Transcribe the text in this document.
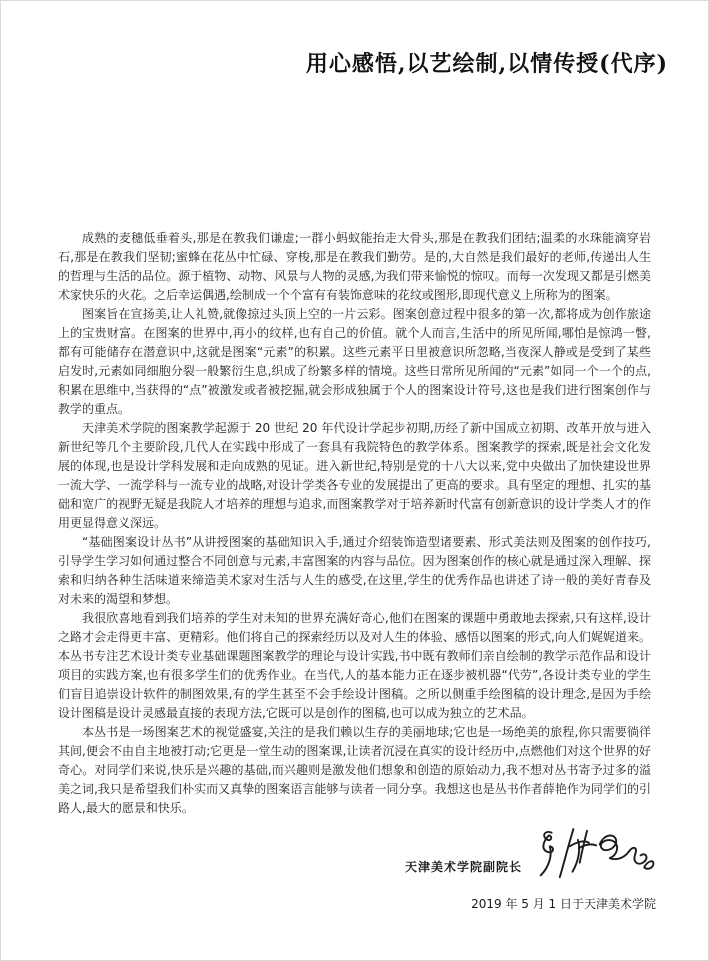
用心感悟,以艺绘制,以情传授(代序)

成熟的麦穗低垂着头,那是在教我们谦虚;一群小蚂蚁能抬走大骨头,那是在教我们团结;温柔的水珠能滴穿岩石,那是在教我们坚韧;蜜蜂在花丛中忙碌、穿梭,那是在教我们勤劳。是的,大自然是我们最好的老师,传递出人生的哲理与生活的品位。源于植物、动物、风景与人物的灵感,为我们带来愉悦的惊叹。而每一次发现又都是引燃美术家快乐的火花。之后幸运偶遇,绘制成一个个富有有装饰意味的花纹或图形,即现代意义上所称为的图案。

图案旨在宣扬美,让人礼赞,就像掠过头顶上空的一片云彩。图案创意过程中很多的第一次,都将成为创作旅途上的宝贵财富。在图案的世界中,再小的纹样,也有自己的价值。就个人而言,生活中的所见所闻,哪怕是惊鸿一瞥,都有可能储存在潜意识中,这就是图案“元素”的积累。这些元素平日里被意识所忽略,当夜深人静或是受到了某些启发时,元素如同细胞分裂一般繁衍生息,织成了纷繁多样的情境。这些日常所见所闻的“元素”如同一个一个的点,积累在思维中,当获得的“点”被激发或者被挖掘,就会形成独属于个人的图案设计符号,这也是我们进行图案创作与教学的重点。

天津美术学院的图案教学起源于 20 世纪 20 年代设计学起步初期,历经了新中国成立初期、改革开放与进入新世纪等几个主要阶段,几代人在实践中形成了一套具有我院特色的教学体系。图案教学的探索,既是社会文化发展的体现,也是设计学科发展和走向成熟的见证。进入新世纪,特别是党的十八大以来,党中央做出了加快建设世界一流大学、一流学科与一流专业的战略,对设计学类各专业的发展提出了更高的要求。具有坚定的理想、扎实的基础和宽广的视野无疑是我院人才培养的理想与追求,而图案教学对于培养新时代富有创新意识的设计学类人才的作用更显得意义深远。

“基础图案设计丛书”从讲授图案的基础知识入手,通过介绍装饰造型诸要素、形式美法则及图案的创作技巧,引导学生学习如何通过整合不同创意与元素,丰富图案的内容与品位。因为图案创作的核心就是通过深入理解、探索和归纳各种生活味道来缔造美术家对生活与人生的感受,在这里,学生的优秀作品也讲述了诗一般的美好青春及对未来的渴望和梦想。

我很欣喜地看到我们培养的学生对未知的世界充满好奇心,他们在图案的课题中勇敢地去探索,只有这样,设计之路才会走得更丰富、更精彩。他们将自己的探索经历以及对人生的体验、感悟以图案的形式,向人们娓娓道来。本丛书专注艺术设计类专业基础课题图案教学的理论与设计实践,书中既有教师们亲自绘制的教学示范作品和设计项目的实践方案,也有很多学生们的优秀作业。在当代,人的基本能力正在逐步被机器“代劳”,各设计类专业的学生们盲目追崇设计软件的制图效果,有的学生甚至不会手绘设计图稿。之所以侧重手绘图稿的设计理念,是因为手绘设计图稿是设计灵感最直接的表现方法,它既可以是创作的图稿,也可以成为独立的艺术品。

本丛书是一场图案艺术的视觉盛宴,关注的是我们赖以生存的美丽地球;它也是一场绝美的旅程,你只需要徜徉其间,便会不由自主地被打动;它更是一堂生动的图案课,让读者沉浸在真实的设计经历中,点燃他们对这个世界的好奇心。对同学们来说,快乐是兴趣的基础,而兴趣则是激发他们想象和创造的原始动力,我不想对丛书寄予过多的溢美之词,我只是希望我们朴实而又真挚的图案语言能够与读者一同分享。我想这也是丛书作者薛艳作为同学们的引路人,最大的愿景和快乐。

天津美术学院副院长
2019 年 5 月 1 日于天津美术学院
